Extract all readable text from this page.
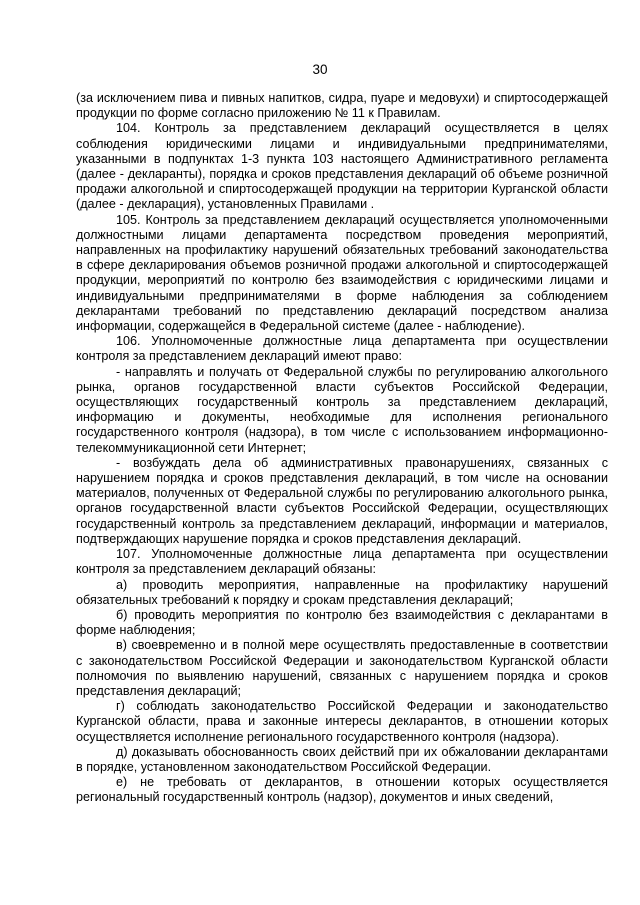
30

(за исключением пива и пивных напитков, сидра, пуаре и медовухи) и спиртосодержащей продукции по форме согласно приложению № 11 к Правилам.

104. Контроль за представлением деклараций осуществляется в целях соблюдения юридическими лицами и индивидуальными предпринимателями, указанными в подпунктах 1-3 пункта 103 настоящего Административного регламента (далее - декларанты), порядка и сроков представления деклараций об объеме розничной продажи алкогольной и спиртосодержащей продукции на территории Курганской области (далее - декларация), установленных Правилами .

105. Контроль за представлением деклараций осуществляется уполномоченными должностными лицами департамента посредством проведения мероприятий, направленных на профилактику нарушений обязательных требований законодательства в сфере декларирования объемов розничной продажи алкогольной и спиртосодержащей продукции, мероприятий по контролю без взаимодействия с юридическими лицами и индивидуальными предпринимателями в форме наблюдения за соблюдением декларантами требований по представлению деклараций посредством анализа информации, содержащейся в Федеральной системе (далее - наблюдение).

106. Уполномоченные должностные лица департамента при осуществлении контроля за представлением деклараций имеют право:

- направлять и получать от Федеральной службы по регулированию алкогольного рынка, органов государственной власти субъектов Российской Федерации, осуществляющих государственный контроль за представлением деклараций, информацию и документы, необходимые для исполнения регионального государственного контроля (надзора), в том числе с использованием информационно-телекоммуникационной сети Интернет;

- возбуждать дела об административных правонарушениях, связанных с нарушением порядка и сроков представления деклараций, в том числе на основании материалов, полученных от Федеральной службы по регулированию алкогольного рынка, органов государственной власти субъектов Российской Федерации, осуществляющих государственный контроль за представлением деклараций, информации и материалов, подтверждающих нарушение порядка и сроков представления деклараций.

107. Уполномоченные должностные лица департамента при осуществлении контроля за представлением деклараций обязаны:

а) проводить мероприятия, направленные на профилактику нарушений обязательных требований к порядку и срокам представления деклараций;

б) проводить мероприятия по контролю без взаимодействия с декларантами в форме наблюдения;

в) своевременно и в полной мере осуществлять предоставленные в соответствии с законодательством Российской Федерации и законодательством Курганской области полномочия по выявлению нарушений, связанных с нарушением порядка и сроков представления деклараций;

г) соблюдать законодательство Российской Федерации и законодательство Курганской области, права и законные интересы декларантов, в отношении которых осуществляется исполнение регионального государственного контроля (надзора).

д) доказывать обоснованность своих действий при их обжаловании декларантами в порядке, установленном законодательством Российской Федерации.

е) не требовать от декларантов, в отношении которых осуществляется региональный государственный контроль (надзор), документов и иных сведений,
